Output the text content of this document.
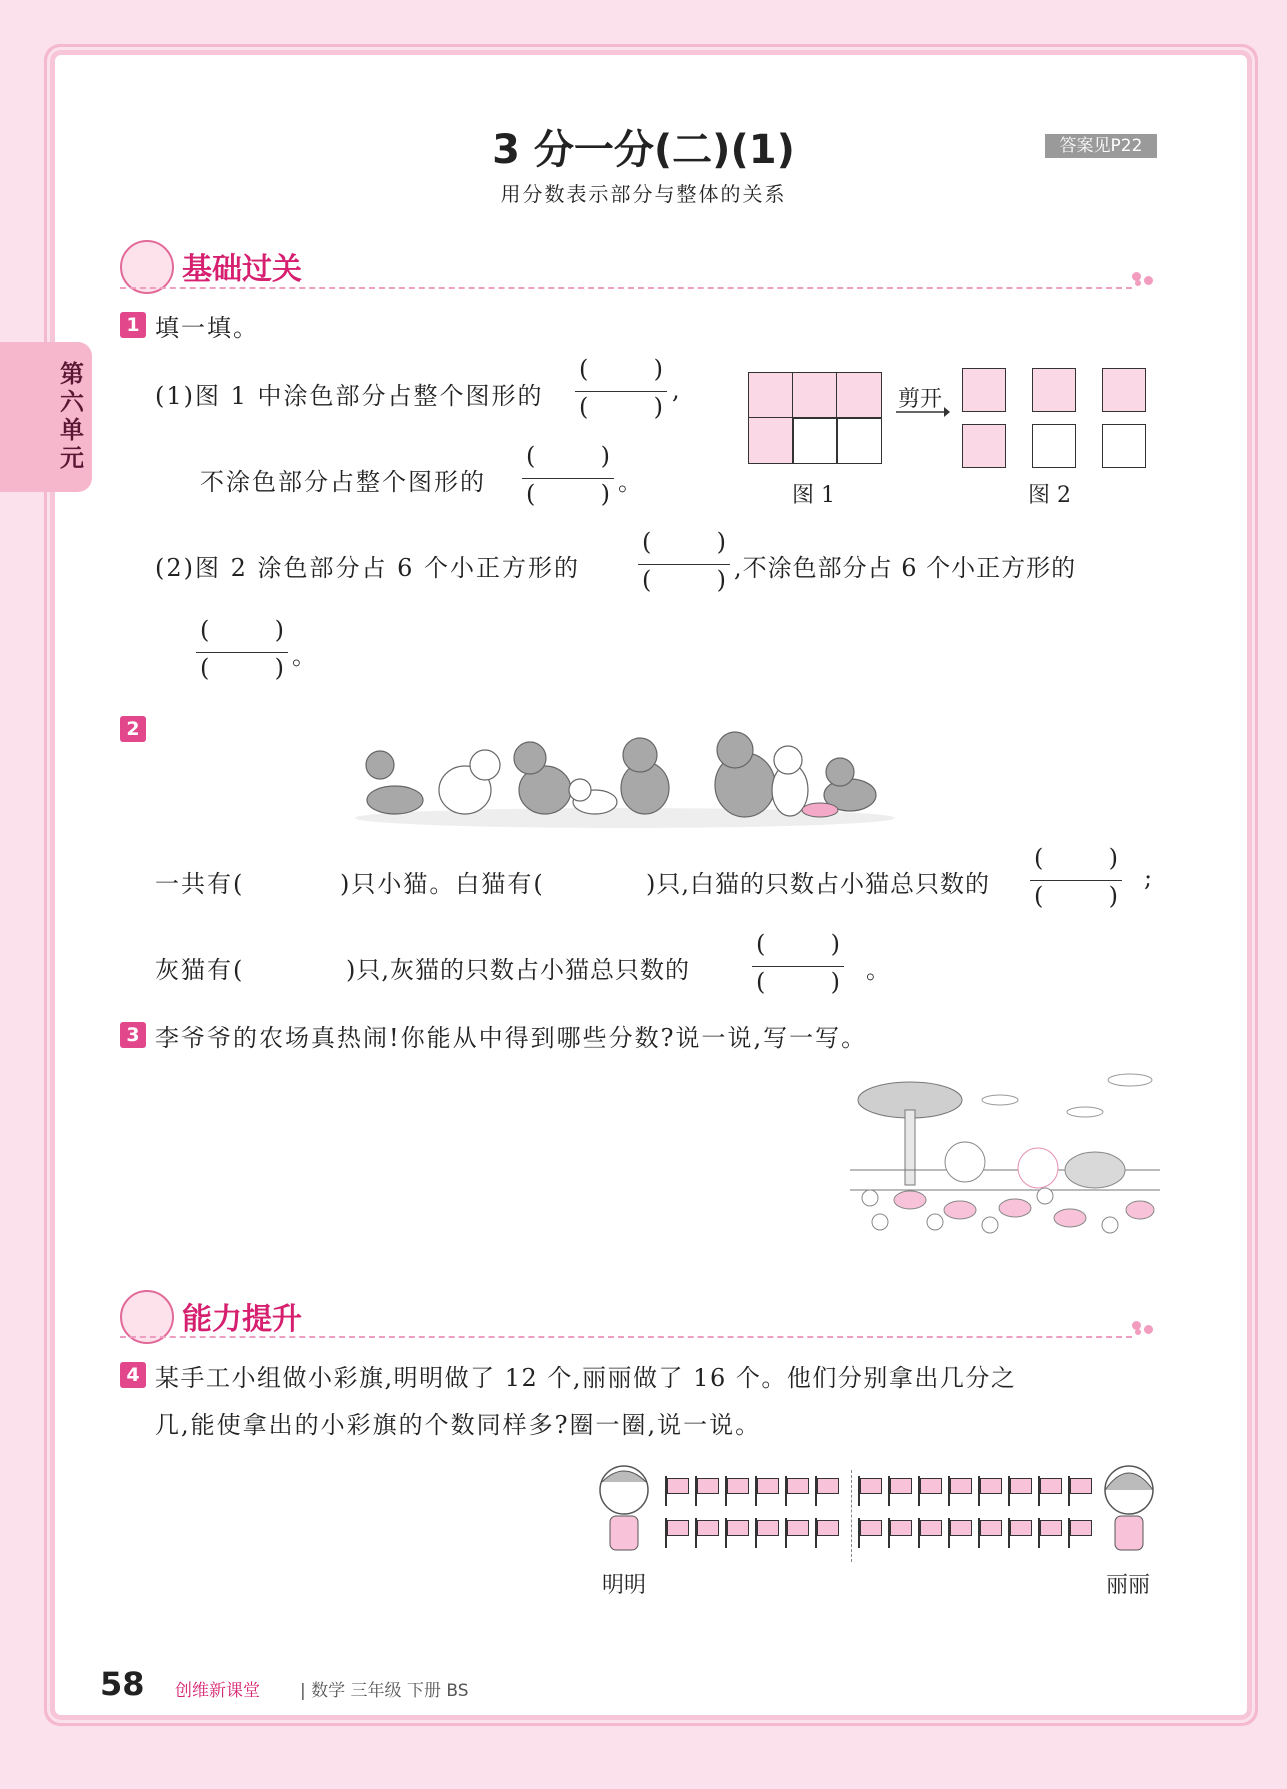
3 分一分(二)(1)
用分数表示部分与整体的关系
答案见P22
第六单元
基础过关
1 填一填。
(1)图 1 中涂色部分占整个图形的
(	)
(	)
,
不涂色部分占整个图形的
(	)
(	) 。	图 1
剪开
图 2
(2)图 2 涂色部分占 6 个小正方形的
(	)
(	) ,不涂色部分占 6 个小正方形的
(	)
(	) 。
2
一共有(	)只小猫。白猫有(	)只,白猫的只数占小猫总只数的
(	)
(	)
;
灰猫有(	)只,灰猫的只数占小猫总只数的
(	)
(	) 。
3 李爷爷的农场真热闹!你能从中得到哪些分数?说一说,写一写。
能力提升
4 某手工小组做小彩旗,明明做了 12 个,丽丽做了 16 个。他们分别拿出几分之
几,能使拿出的小彩旗的个数同样多?圈一圈,说一说。
明明	丽丽
58 创维新课堂 | 数学 三年级 下册 BS
